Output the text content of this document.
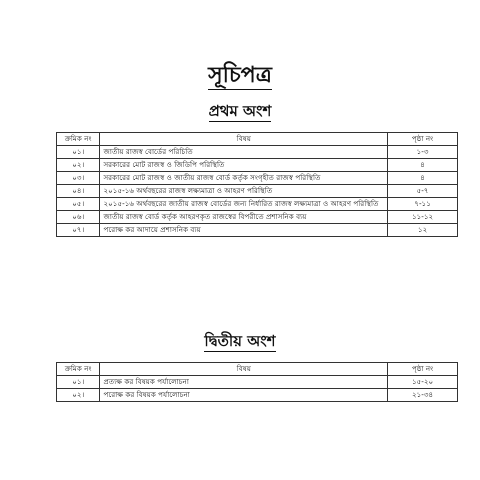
সূচিপত্র
প্রথম অংশ
ক্রমিক নং	বিষয়	পৃষ্ঠা নং
০১।	জাতীয় রাজস্ব বোর্ডের পরিচিতি	১-৩
০২।	সরকারের মোট রাজস্ব ও জিডিপি পরিস্থিতি	৪
০৩।	সরকারের মোট রাজস্ব ও জাতীয় রাজস্ব বোর্ড কর্তৃক সংগৃহীত রাজস্ব পরিস্থিতি	৪
০৪।	২০১৫-১৬ অর্থবছরের রাজস্ব লক্ষ্যমাত্রা ও আহরণ পরিস্থিতি	৫-৭
০৫।	২০১৫-১৬ অর্থবছরের জাতীয় রাজস্ব বোর্ডের জন্য নির্ধারিত রাজস্ব লক্ষ্যমাত্রা ও আহরণ পরিস্থিতি	৭-১১
০৬।	জাতীয় রাজস্ব বোর্ড কর্তৃক আহরণকৃত রাজস্বের বিপরীতে প্রশাসনিক ব্যয়	১১-১২
০৭।	পরোক্ষ কর আদায়ে প্রশাসনিক ব্যয়	১২
দ্বিতীয় অংশ
ক্রমিক নং	বিষয়	পৃষ্ঠা নং
০১।	প্রত্যক্ষ কর বিষয়ক পর্যালোচনা	১৫-২০
০২।	পরোক্ষ কর বিষয়ক পর্যালোচনা	২১-৩৪
